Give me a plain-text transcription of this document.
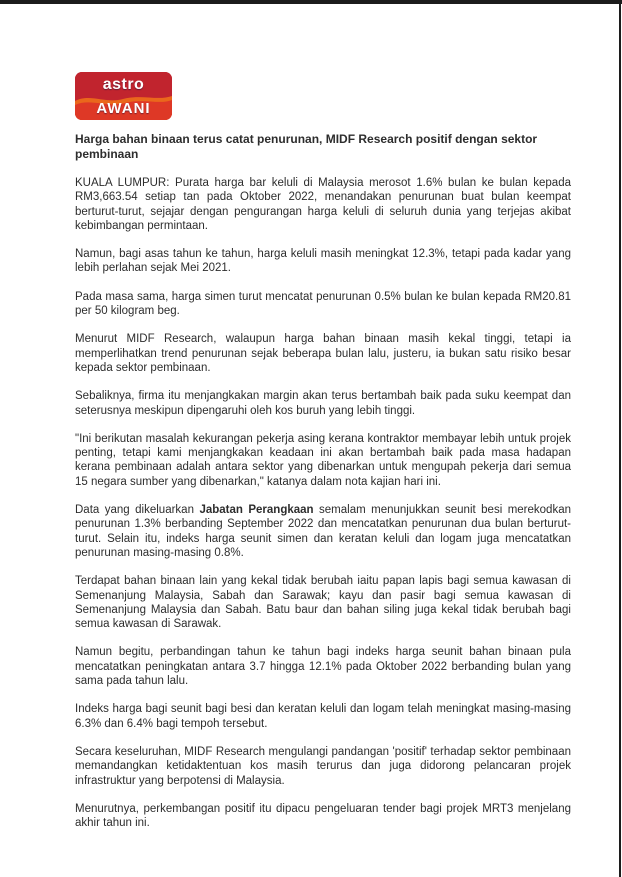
astro
AWANI
Harga bahan binaan terus catat penurunan, MIDF Research positif dengan sektor pembinaan

KUALA LUMPUR: Purata harga bar keluli di Malaysia merosot 1.6% bulan ke bulan kepada RM3,663.54 setiap tan pada Oktober 2022, menandakan penurunan buat bulan keempat berturut-turut, sejajar dengan pengurangan harga keluli di seluruh dunia yang terjejas akibat kebimbangan permintaan.

Namun, bagi asas tahun ke tahun, harga keluli masih meningkat 12.3%, tetapi pada kadar yang lebih perlahan sejak Mei 2021.

Pada masa sama, harga simen turut mencatat penurunan 0.5% bulan ke bulan kepada RM20.81 per 50 kilogram beg.

Menurut MIDF Research, walaupun harga bahan binaan masih kekal tinggi, tetapi ia memperlihatkan trend penurunan sejak beberapa bulan lalu, justeru, ia bukan satu risiko besar kepada sektor pembinaan.

Sebaliknya, firma itu menjangkakan margin akan terus bertambah baik pada suku keempat dan seterusnya meskipun dipengaruhi oleh kos buruh yang lebih tinggi.

"Ini berikutan masalah kekurangan pekerja asing kerana kontraktor membayar lebih untuk projek penting, tetapi kami menjangkakan keadaan ini akan bertambah baik pada masa hadapan kerana pembinaan adalah antara sektor yang dibenarkan untuk mengupah pekerja dari semua 15 negara sumber yang dibenarkan," katanya dalam nota kajian hari ini.

Data yang dikeluarkan Jabatan Perangkaan semalam menunjukkan seunit besi merekodkan penurunan 1.3% berbanding September 2022 dan mencatatkan penurunan dua bulan berturut-turut. Selain itu, indeks harga seunit simen dan keratan keluli dan logam juga mencatatkan penurunan masing-masing 0.8%.

Terdapat bahan binaan lain yang kekal tidak berubah iaitu papan lapis bagi semua kawasan di Semenanjung Malaysia, Sabah dan Sarawak; kayu dan pasir bagi semua kawasan di Semenanjung Malaysia dan Sabah. Batu baur dan bahan siling juga kekal tidak berubah bagi semua kawasan di Sarawak.

Namun begitu, perbandingan tahun ke tahun bagi indeks harga seunit bahan binaan pula mencatatkan peningkatan antara 3.7 hingga 12.1% pada Oktober 2022 berbanding bulan yang sama pada tahun lalu.

Indeks harga bagi seunit bagi besi dan keratan keluli dan logam telah meningkat masing-masing 6.3% dan 6.4% bagi tempoh tersebut.

Secara keseluruhan, MIDF Research mengulangi pandangan 'positif' terhadap sektor pembinaan memandangkan ketidaktentuan kos masih terurus dan juga didorong pelancaran projek infrastruktur yang berpotensi di Malaysia.

Menurutnya, perkembangan positif itu dipacu pengeluaran tender bagi projek MRT3 menjelang akhir tahun ini.
